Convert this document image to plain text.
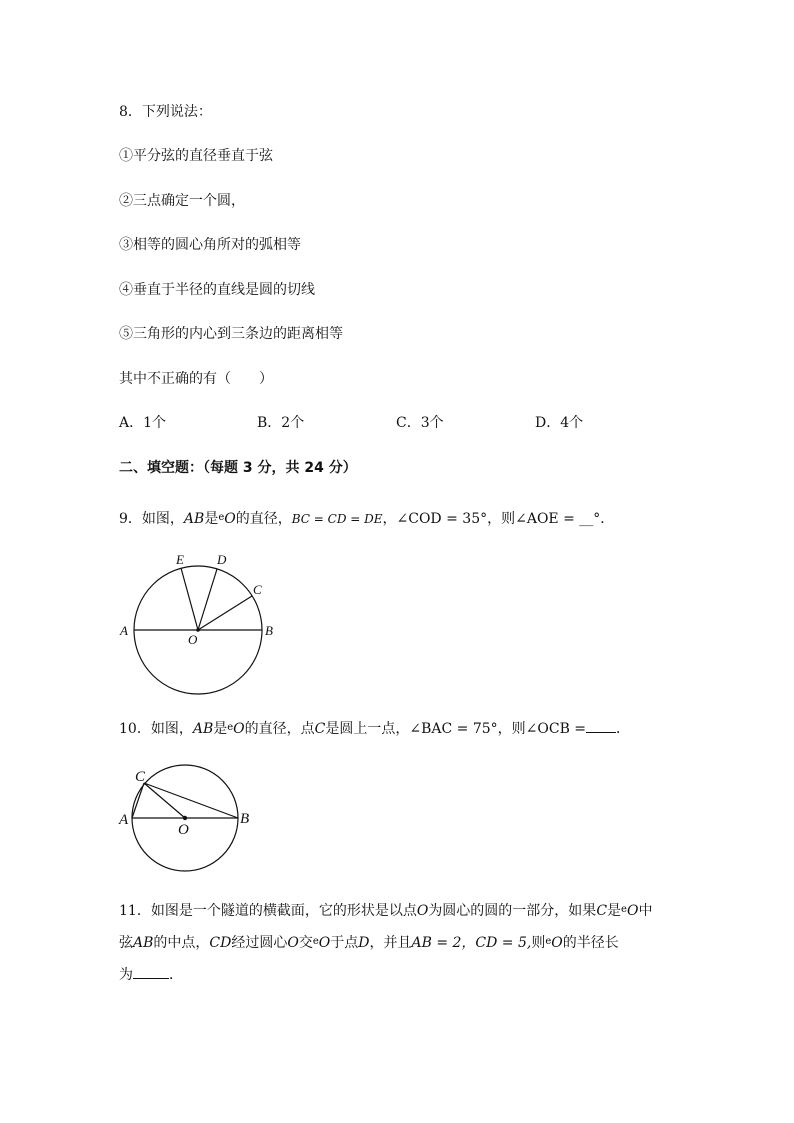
8．下列说法：
①平分弦的直径垂直于弦
②三点确定一个圆，
③相等的圆心角所对的弧相等
④垂直于半径的直线是圆的切线
⑤三角形的内心到三条边的距离相等
其中不正确的有（　　）
A．1个	B．2个	C．3个	D．4个
二、填空题：（每题 3 分，共 24 分）
9．如图，AB是$^e$O的直径，BC = CD = DE，∠COD = 35°，则∠AOE = __°．
A	B
C
D
E
O
10．如图，AB是$^e$O的直径，点C是圆上一点，∠BAC = 75°，则∠OCB = ．
A	B
C
O
11．如图是一个隧道的横截面，它的形状是以点O为圆心的圆的一部分，如果C是$^e$O中
弦AB的中点，CD经过圆心O交$^e$O于点D，并且AB = 2，CD = 5,则$^e$O的半径长
为	．
